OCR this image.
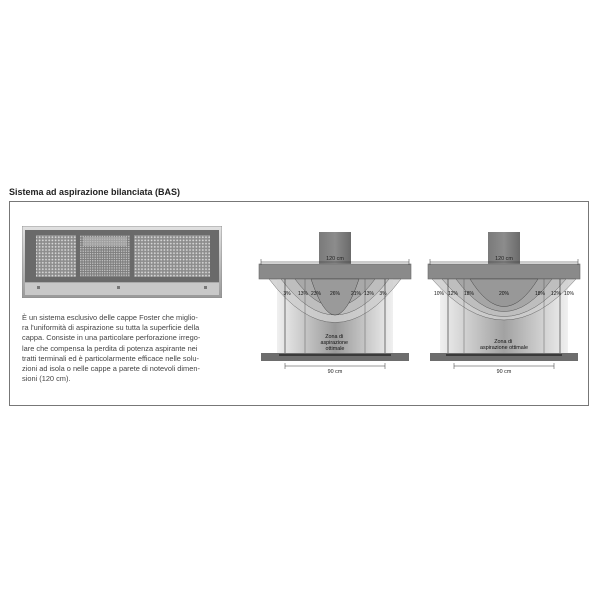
Sistema ad aspirazione bilanciata (BAS)
È un sistema esclusivo delle cappe Foster che miglio-
ra l'uniformità di aspirazione su tutta la superficie della
cappa. Consiste in una particolare perforazione irrego-
lare che compensa la perdita di potenza aspirante nei
tratti terminali ed è particolarmente efficace nelle solu-
zioni ad isola o nelle cappe a parete di notevoli dimen-
sioni (120 cm).
120 cm
3% 13% 23% 26% 21% 13% 3%
Zona di aspirazione ottimale
90 cm
120 cm
10% 12% 18%	20%	18% 12% 10%
Zona di aspirazione ottimale
90 cm
